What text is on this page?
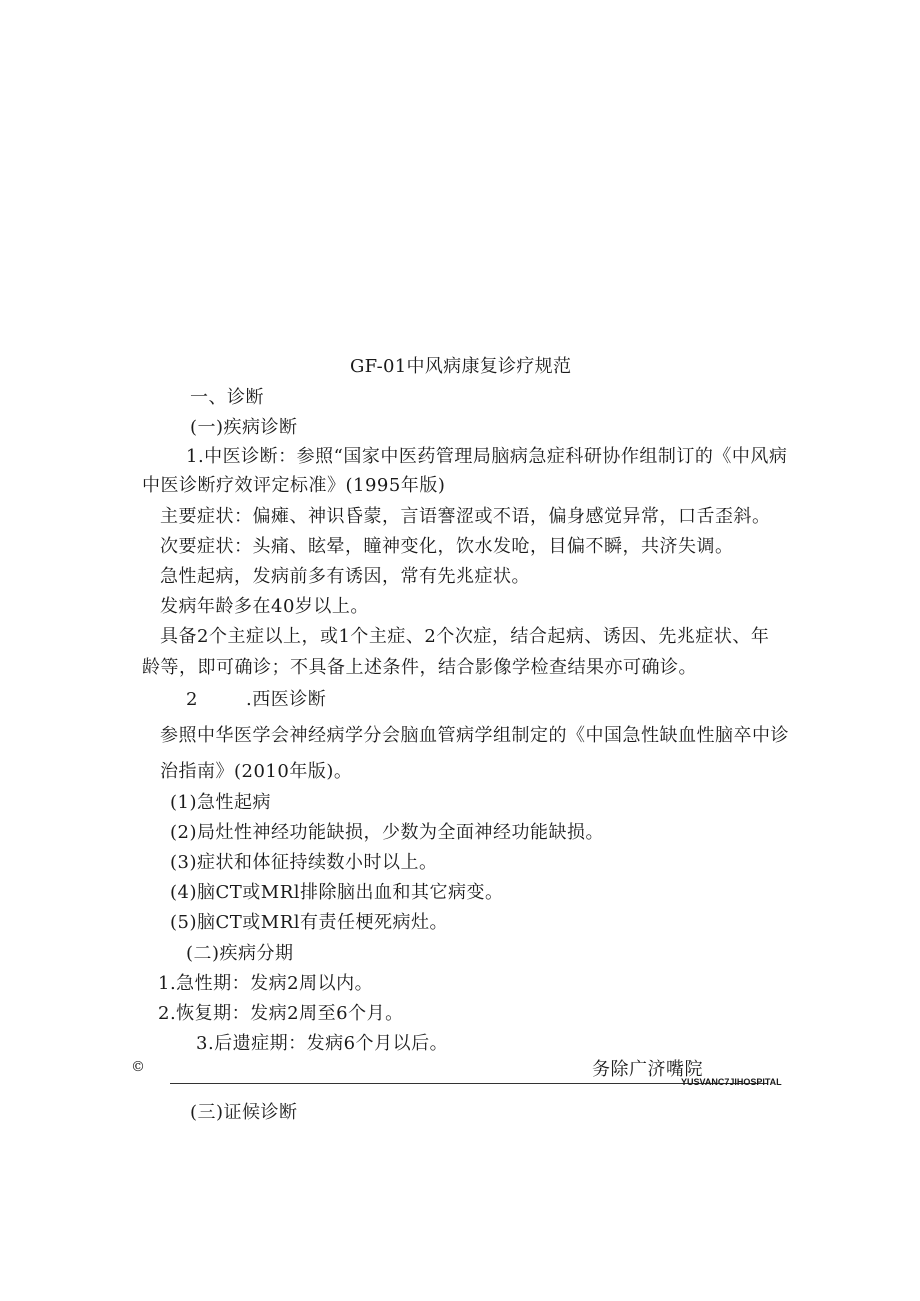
GF-01中风病康复诊疗规范
一、诊断
(一)疾病诊断
1.中医诊断：参照“国家中医药管理局脑病急症科研协作组制订的《中风病
中医诊断疗效评定标准》(1995年版)
主要症状：偏瘫、神识昏蒙，言语謇涩或不语，偏身感觉异常，口舌歪斜。
次要症状：头痛、眩晕，瞳神变化，饮水发呛，目偏不瞬，共济失调。
急性起病，发病前多有诱因，常有先兆症状。
发病年龄多在40岁以上。
具备2个主症以上，或1个主症、2个次症，结合起病、诱因、先兆症状、年
龄等，即可确诊；不具备上述条件，结合影像学检查结果亦可确诊。
2	.西医诊断
参照中华医学会神经病学分会脑血管病学组制定的《中国急性缺血性脑卒中诊
治指南》(2010年版)。
(1)急性起病
(2)局灶性神经功能缺损，少数为全面神经功能缺损。
(3)症状和体征持续数小时以上。
(4)脑CT或MRl排除脑出血和其它病变。
(5)脑CT或MRl有责任梗死病灶。
(二)疾病分期
1.急性期：发病2周以内。
2.恢复期：发病2周至6个月。
3.后遗症期：发病6个月以后。
©	务除广济嘴院
YUSVANC7JIHOSPITAL
(三)证候诊断
